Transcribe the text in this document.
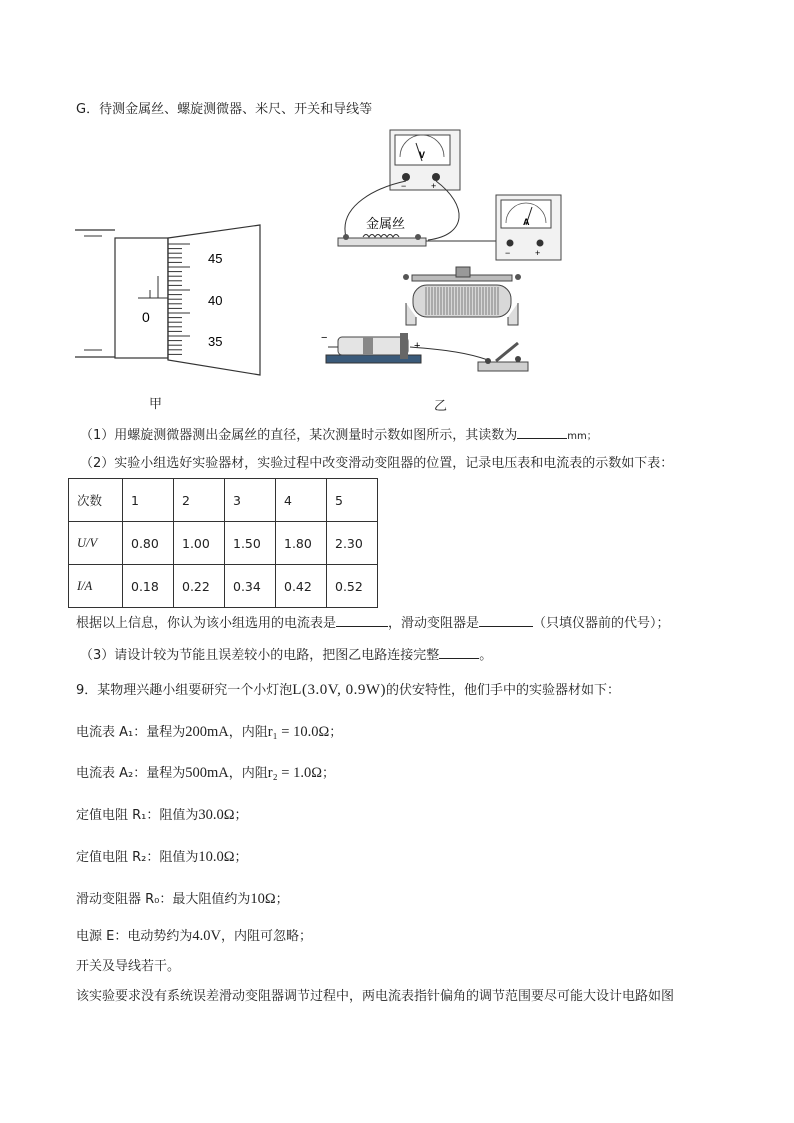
G．待测金属丝、螺旋测微器、米尺、开关和导线等
0
45
40
35
甲
V
−	+
金属丝	A
−	+
−
+
乙
（1）用螺旋测微器测出金属丝的直径，某次测量时示数如图所示，其读数为	mm；
（2）实验小组选好实验器材，实验过程中改变滑动变阻器的位置，记录电压表和电流表的示数如下表：
次数	1	2	3	4	5
U/V	0.80	1.00	1.50	1.80	2.30
I/A	0.18	0.22	0.34	0.42	0.52
根据以上信息，你认为该小组选用的电流表是	，滑动变阻器是	（只填仪器前的代号）；
（3）请设计较为节能且误差较小的电路，把图乙电路连接完整	。
9．某物理兴趣小组要研究一个小灯泡L(3.0V, 0.9W)的伏安特性，他们手中的实验器材如下：
电流表 A₁：量程为200mA，内阻r₁ = 10.0Ω；
电流表 A₂：量程为500mA，内阻r₂ = 1.0Ω；
定值电阻 R₁：阻值为30.0Ω；
定值电阻 R₂：阻值为10.0Ω；
滑动变阻器 R₀：最大阻值约为10Ω；
电源 E：电动势约为4.0V，内阻可忽略；
开关及导线若干。
该实验要求没有系统误差滑动变阻器调节过程中，两电流表指针偏角的调节范围要尽可能大设计电路如图
